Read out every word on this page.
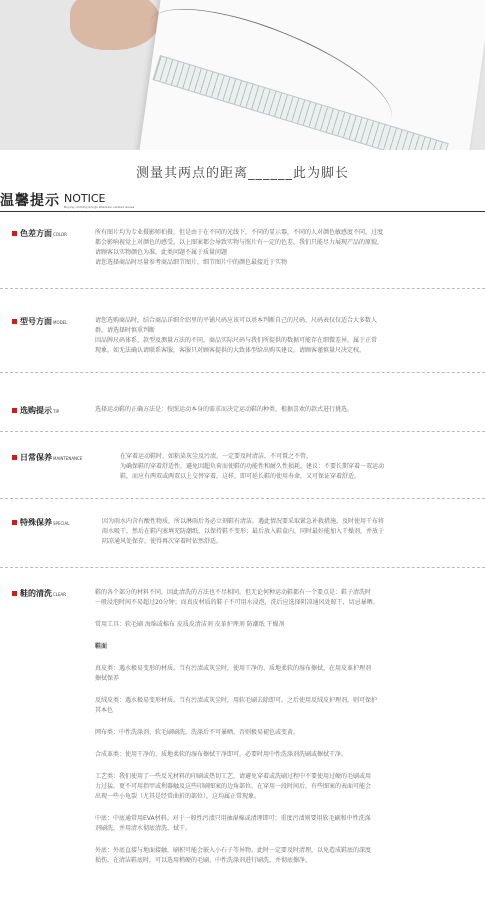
测量其两点的距离______此为脚长
温馨提示 NOTICE
Buying clothing brings attention-related issues
色差方面COLOR	所有图片均为专业摄影师拍摄，但是由于在不同的光线下，不同的显示器，不同的人对颜色敏感度不同，过度

都会影响视觉上对颜色的感受。以上图案都会导致实物与照片有一定的色差，我们只能尽力展现产品的原貌，

请顾客以实物颜色为准，此类问题不属于质量问题

请您选择商品时尽量参考商品细节图片，细节图片中的颜色最接近于实物

型号方面MODEL	请您选购商品时，结合商品详细介绍里的平铺尺码应该可以基本判断自己的尺码，尺码表仅仅适合大多数人

群，请选择时慎重判断

因品牌尺码体系、款型及测量方法的不同，商品实际尺码与我们所提供的数据可能存在细微差异，属于正常

现象，如无法确认请联系客服，客服只对顾客提供的大致体型给出购买建议，请顾客谨慎量尺决定权。

选购提示TIP	选择运动鞋的正确方法是：按照运动本身的需求而决定运动鞋的种类，根据喜欢的款式进行挑选。

日常保养MAINTENANCE	在穿着运动鞋时，如粘染灰尘及污渍，一定要及时清洁，不可置之不管。

为确保鞋的穿着舒适性，避免因超负荷而使鞋的功能性和耐久性损耗，建议：不要长期穿着一双运动

鞋，而应有两双或两双以上交替穿着，这样，即可延长鞋的使用寿命，又可保证穿着舒适。

特殊保养SPECIAL	因为雨水内含有酸性物质，所以淋雨后务必立刻鞋有清洁，遇此情况要采取紧急补救措施，及时使用干布将

雨水吸干，然后在鞋内塞填充防潮纸，以保持鞋不变形；最后放入鞋盒内，同时最好能加入干燥剂，并放于

阴凉通风处保存，使得再次穿着时依然舒适。

鞋的清洗CLEAR	鞋的各个部分的材料不同，因此清洗的方法也不尽相同。但无论何种运动鞋都有一个要点是：鞋子清洗时

一般浸泡时间不易超过20分钟；而真皮材质的鞋子不可用水浸泡，洗后应选择阴凉通风处晾干，切忌暴晒。

常用工具：软毛刷 海绵或棉布 皮质皮清洁剂 皮革护理剂 防潮纸 干燥剂

鞋面

真皮类：遇水极易变形的材质。当有污渍或灰尘时，使用干净的、质地柔软的湿布擦拭，在用皮革护理剂

擦拭保养

反绒皮类：遇水极易变形材质。当有污渍或灰尘时，用软毛刷去除即可。之后使用反绒皮护理剂，则可保护

其本色

网布类：中性洗涤剂、软毛刷刷洗，洗涤后不可暴晒，否则极易褪色或变黄。

合成革类：使用干净的、质地柔软的湿布擦拭干净即可。必要时用中性洗涤剂洗刷或擦拭干净。

工艺类：我们使用了一些反光材料的印刷或热切工艺，请避免穿着或洗刷过程中不要使用过硬的毛刷或用

力过猛，更不可用指甲或利器触及这些印刷图案的边角部位。在穿用一段时间后，有些图案的表面可能会

出现一些小龟裂（尤其是经常曲折的部位），这均属正常现象。

中底：中底通常用EVA材料。对于一般性污渍只用抽湿棉或清理即可；重度污渍则要用软毛刷和中性洗涤

剂刷洗，并用清水彻底清洗、拭干。

外底：外底直接与地面接触，刷积可能会嵌入小石子等异物。此时一定要及时清理，以免造成鞋底的深度

损伤。在清洁鞋底时，可以选用稍硬的毛刷、中性洗涤剂进行刷洗，并彻底擦净。
